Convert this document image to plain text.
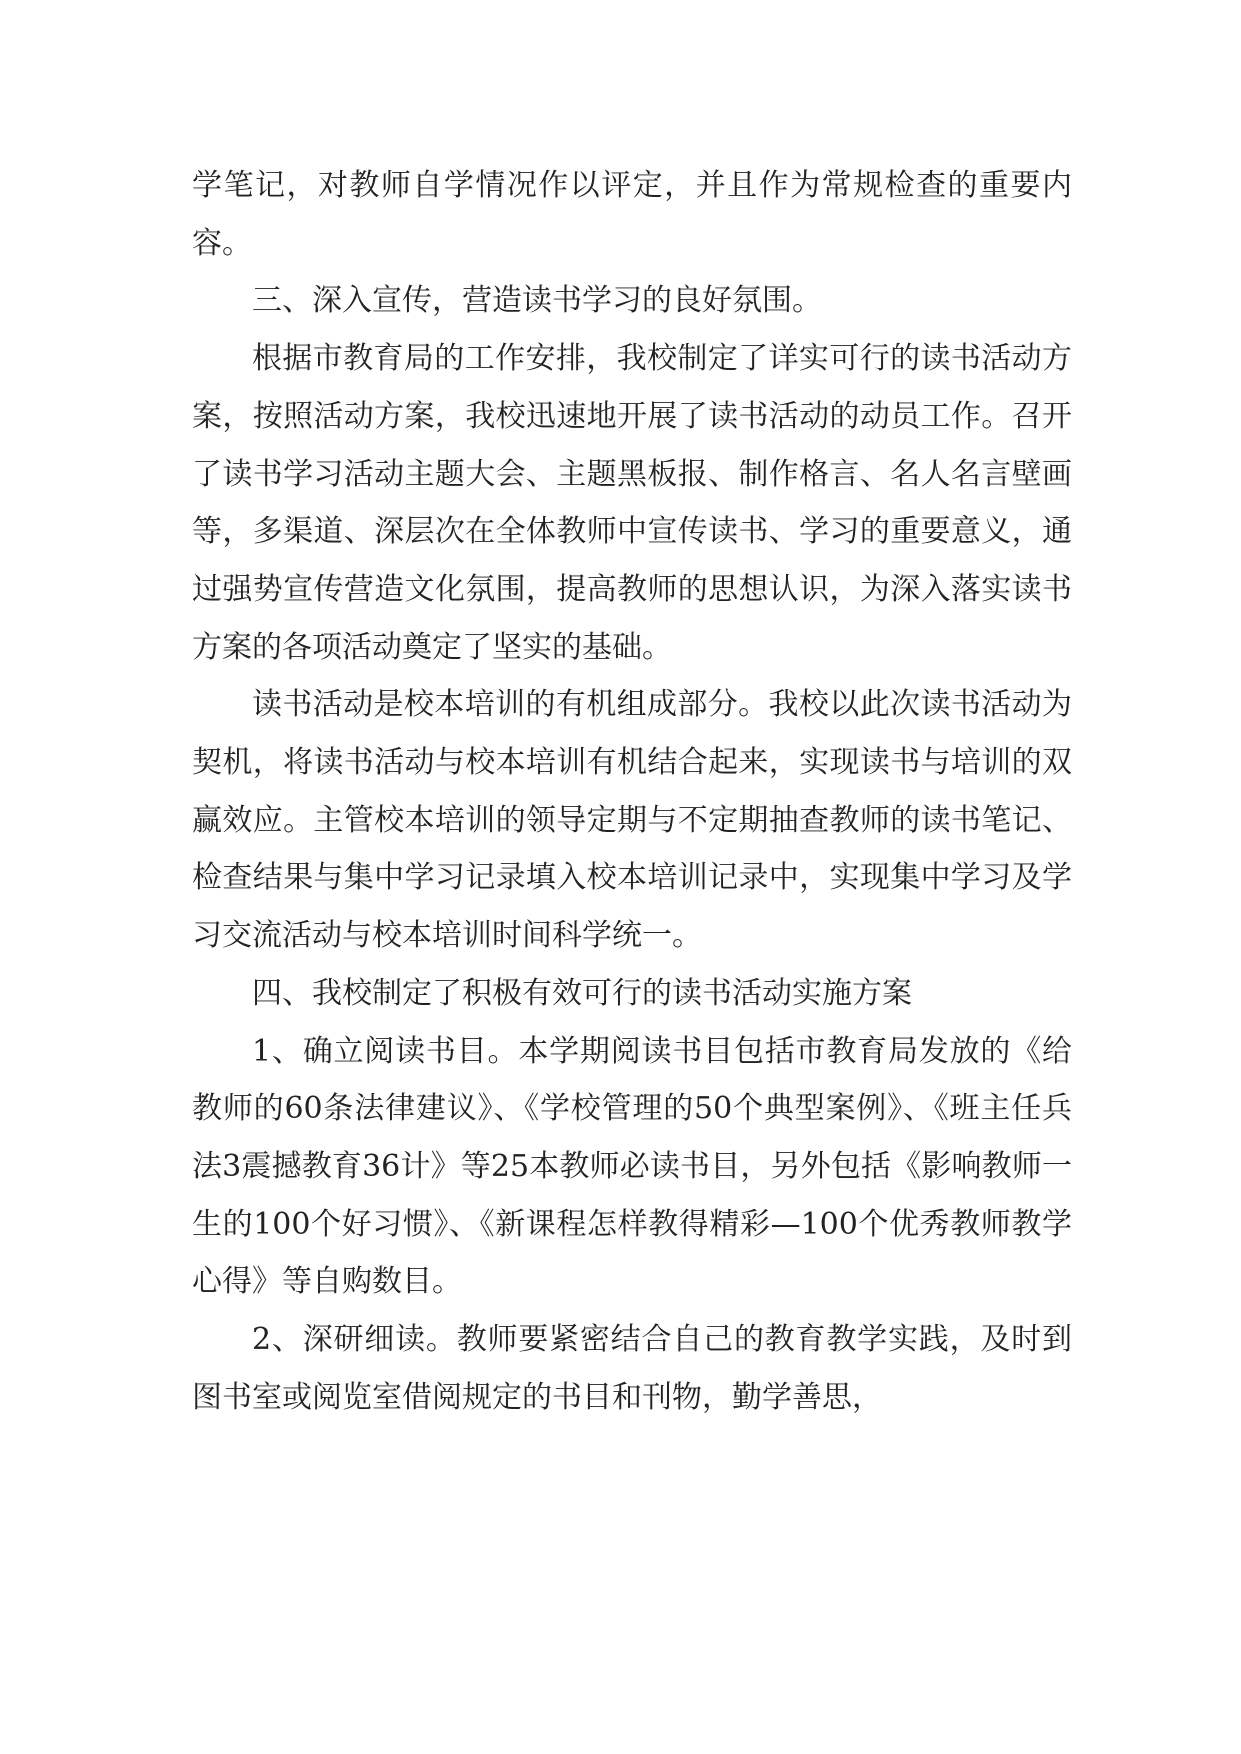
学笔记，对教师自学情况作以评定，并且作为常规检查的重要内容。

三、深入宣传，营造读书学习的良好氛围。

根据市教育局的工作安排，我校制定了详实可行的读书活动方案，按照活动方案，我校迅速地开展了读书活动的动员工作。召开了读书学习活动主题大会、主题黑板报、制作格言、名人名言壁画等，多渠道、深层次在全体教师中宣传读书、学习的重要意义，通过强势宣传营造文化氛围，提高教师的思想认识，为深入落实读书方案的各项活动奠定了坚实的基础。

读书活动是校本培训的有机组成部分。我校以此次读书活动为契机，将读书活动与校本培训有机结合起来，实现读书与培训的双赢效应。主管校本培训的领导定期与不定期抽查教师的读书笔记、检查结果与集中学习记录填入校本培训记录中，实现集中学习及学习交流活动与校本培训时间科学统一。

四、我校制定了积极有效可行的读书活动实施方案

1、确立阅读书目。本学期阅读书目包括市教育局发放的《给教师的60条法律建议》、《学校管理的50个典型案例》、《班主任兵法3震撼教育36计》等25本教师必读书目，另外包括《影响教师一生的100个好习惯》、《新课程怎样教得精彩—100个优秀教师教学心得》等自购数目。

2、深研细读。教师要紧密结合自己的教育教学实践，及时到图书室或阅览室借阅规定的书目和刊物，勤学善思，
